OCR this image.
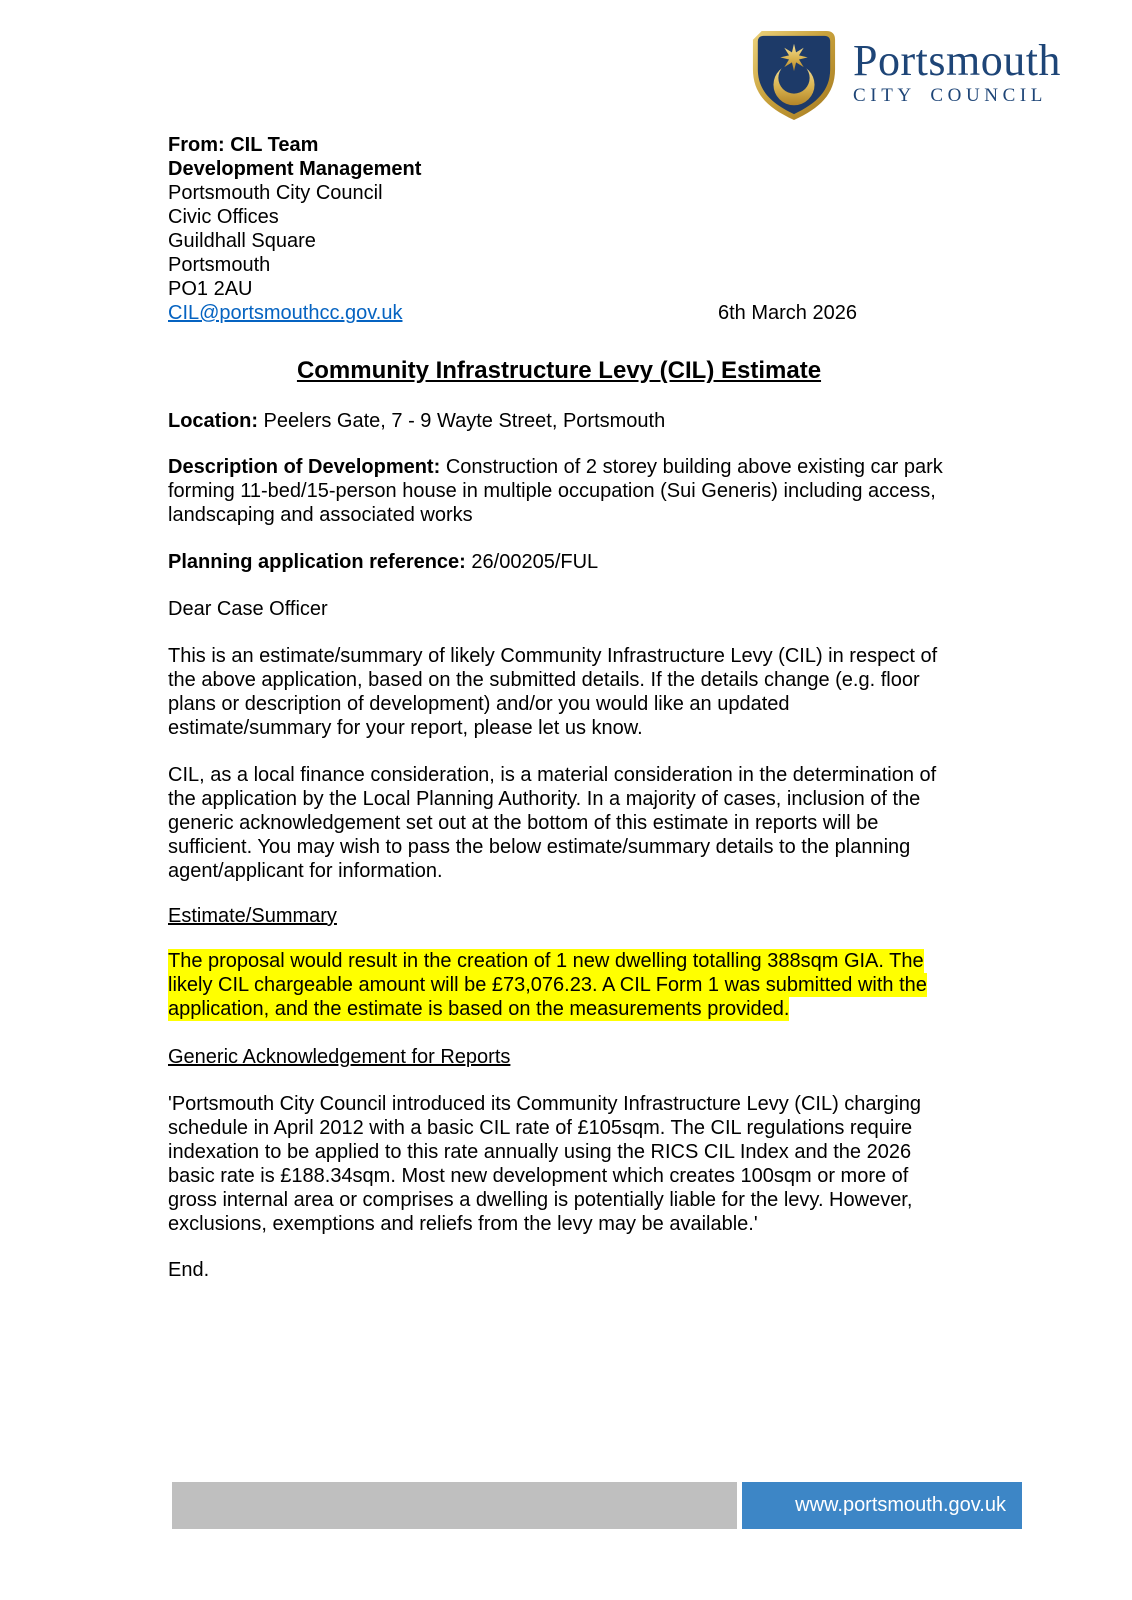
Portsmouth
CITY COUNCIL
From: CIL Team
Development Management
Portsmouth City Council
Civic Offices
Guildhall Square
Portsmouth
PO1 2AU
CIL@portsmouthcc.gov.uk	6th March 2026
Community Infrastructure Levy (CIL) Estimate

Location: Peelers Gate, 7 - 9 Wayte Street, Portsmouth

Description of Development: Construction of 2 storey building above existing car park forming 11-bed/15-person house in multiple occupation (Sui Generis) including access, landscaping and associated works

Planning application reference: 26/00205/FUL

Dear Case Officer

This is an estimate/summary of likely Community Infrastructure Levy (CIL) in respect of the above application, based on the submitted details. If the details change (e.g. floor plans or description of development) and/or you would like an updated estimate/summary for your report, please let us know.

CIL, as a local finance consideration, is a material consideration in the determination of the application by the Local Planning Authority. In a majority of cases, inclusion of the generic acknowledgement set out at the bottom of this estimate in reports will be sufficient. You may wish to pass the below estimate/summary details to the planning agent/applicant for information.

Estimate/Summary

The proposal would result in the creation of 1 new dwelling totalling 388sqm GIA. The likely CIL chargeable amount will be £73,076.23. A CIL Form 1 was submitted with the application, and the estimate is based on the measurements provided.

Generic Acknowledgement for Reports

'Portsmouth City Council introduced its Community Infrastructure Levy (CIL) charging schedule in April 2012 with a basic CIL rate of £105sqm. The CIL regulations require indexation to be applied to this rate annually using the RICS CIL Index and the 2026 basic rate is £188.34sqm. Most new development which creates 100sqm or more of gross internal area or comprises a dwelling is potentially liable for the levy. However, exclusions, exemptions and reliefs from the levy may be available.'

End.

www.portsmouth.gov.uk
